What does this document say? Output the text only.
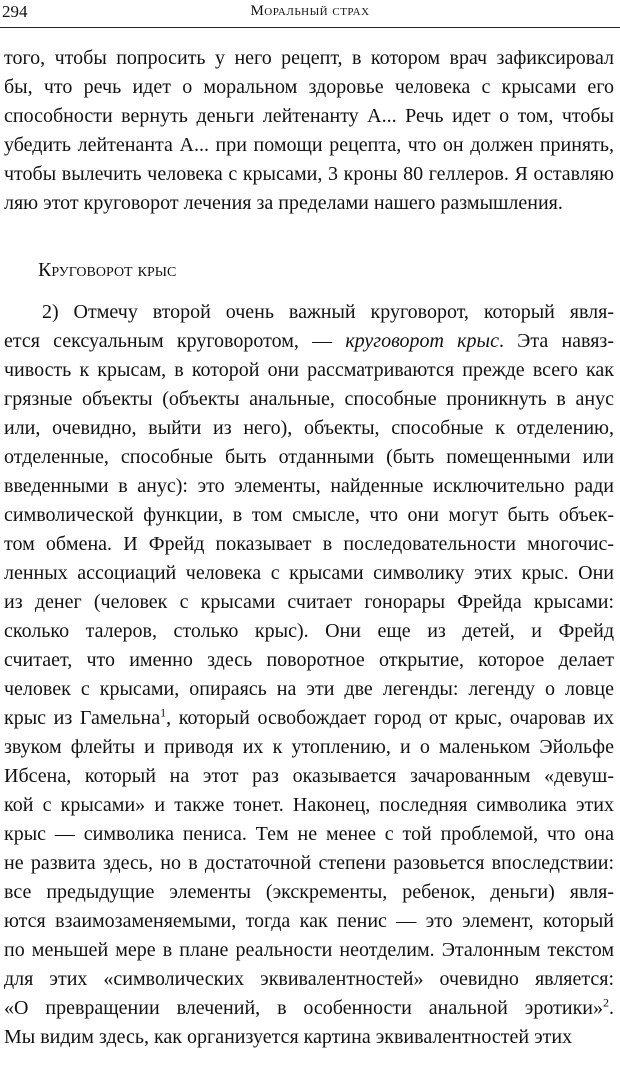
294	Моральный страх
того, чтобы попросить у него рецепт, в котором врач зафиксировал
бы, что речь идет о моральном здоровье человека с крысами его
способности вернуть деньги лейтенанту А... Речь идет о том, чтобы
убедить лейтенанта А... при помощи рецепта, что он должен принять,
чтобы вылечить человека с крысами, 3 кроны 80 геллеров. Я оставляю
ляю этот круговорот лечения за пределами нашего размышления.
Круговорот крыс
2) Отмечу второй очень важный круговорот, который явля-
ется сексуальным круговоротом, — круговорот крыс. Эта навяз-
чивость к крысам, в которой они рассматриваются прежде всего как
грязные объекты (объекты анальные, способные проникнуть в анус
или, очевидно, выйти из него), объекты, способные к отделению,
отделенные, способные быть отданными (быть помещенными или
введенными в анус): это элементы, найденные исключительно ради
символической функции, в том смысле, что они могут быть объек-
том обмена. И Фрейд показывает в последовательности многочис-
ленных ассоциаций человека с крысами символику этих крыс. Они
из денег (человек с крысами считает гонорары Фрейда крысами:
сколько талеров, столько крыс). Они еще из детей, и Фрейд
считает, что именно здесь поворотное открытие, которое делает
человек с крысами, опираясь на эти две легенды: легенду о ловце
крыс из Гамельна$^1$, который освобождает город от крыс, очаровав их
звуком флейты и приводя их к утоплению, и о маленьком Эйольфе
Ибсена, который на этот раз оказывается зачарованным «девуш-
кой с крысами» и также тонет. Наконец, последняя символика этих
крыс — символика пениса. Тем не менее с той проблемой, что она
не развита здесь, но в достаточной степени разовьется впоследствии:
все предыдущие элементы (экскременты, ребенок, деньги) явля-
ются взаимозаменяемыми, тогда как пенис — это элемент, который
по меньшей мере в плане реальности неотделим. Эталонным текстом
для этих «символических эквивалентностей» очевидно является:
«О превращении влечений, в особенности анальной эротики»$^2$.
Мы видим здесь, как организуется картина эквивалентностей этих
